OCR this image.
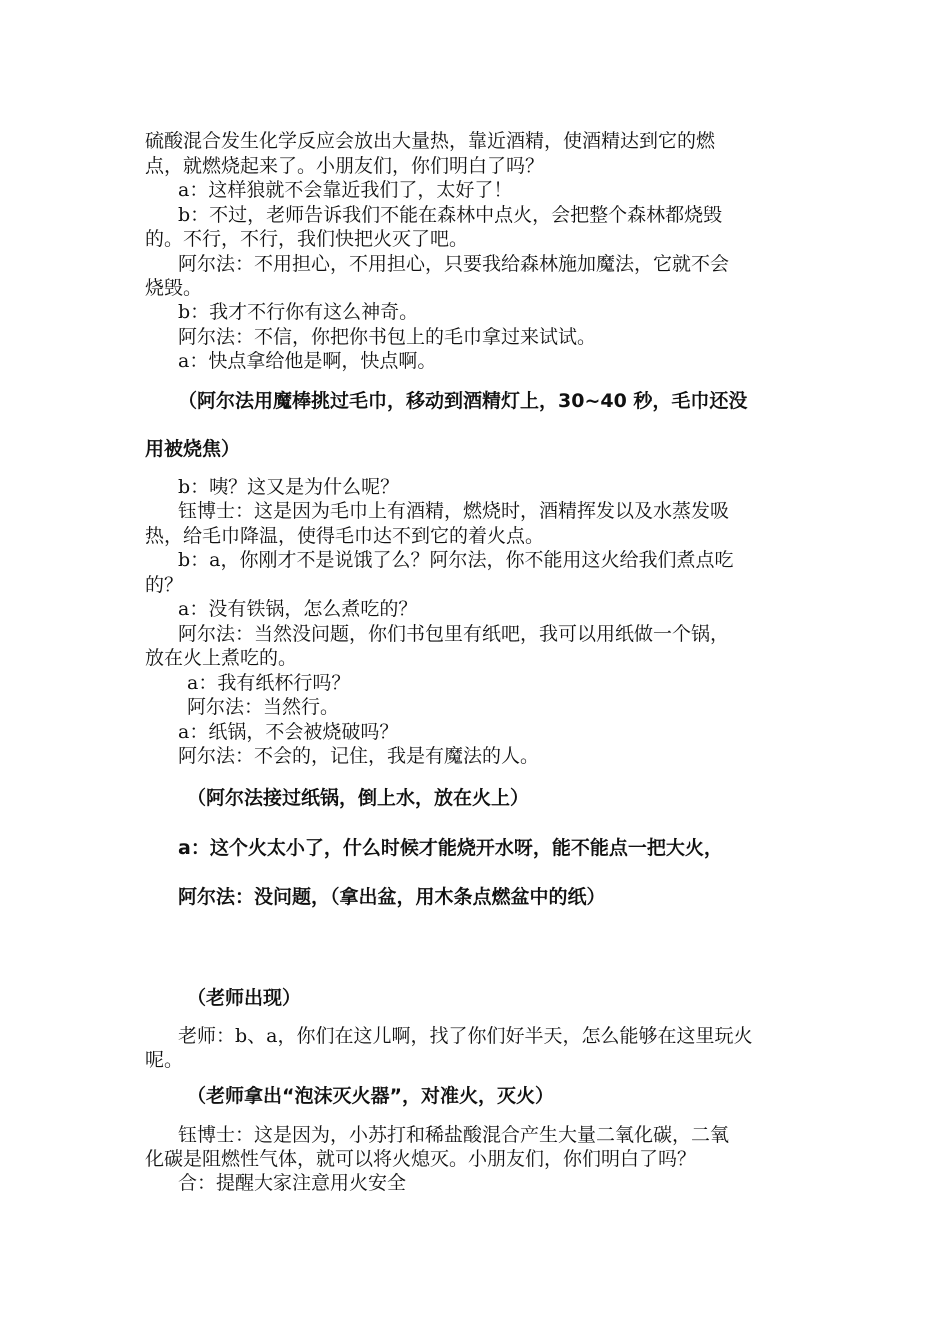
硫酸混合发生化学反应会放出大量热，靠近酒精，使酒精达到它的燃
点，就燃烧起来了。小朋友们，你们明白了吗？
a：这样狼就不会靠近我们了，太好了！
b：不过，老师告诉我们不能在森林中点火，会把整个森林都烧毁
的。不行，不行，我们快把火灭了吧。
阿尔法：不用担心，不用担心，只要我给森林施加魔法，它就不会
烧毁。
b：我才不行你有这么神奇。
阿尔法：不信，你把你书包上的毛巾拿过来试试。
a：快点拿给他是啊，快点啊。
（阿尔法用魔棒挑过毛巾，移动到酒精灯上，30~40 秒，毛巾还没
用被烧焦）
b：咦？这又是为什么呢？
钰博士：这是因为毛巾上有酒精，燃烧时，酒精挥发以及水蒸发吸
热，给毛巾降温，使得毛巾达不到它的着火点。
b：a，你刚才不是说饿了么？阿尔法，你不能用这火给我们煮点吃
的？
a：没有铁锅，怎么煮吃的？
阿尔法：当然没问题，你们书包里有纸吧，我可以用纸做一个锅，
放在火上煮吃的。
a：我有纸杯行吗？
阿尔法：当然行。
a：纸锅，不会被烧破吗？
阿尔法：不会的，记住，我是有魔法的人。
（阿尔法接过纸锅，倒上水，放在火上）
a：这个火太小了，什么时候才能烧开水呀，能不能点一把大火，
阿尔法：没问题，（拿出盆，用木条点燃盆中的纸）
（老师出现）
老师：b、a，你们在这儿啊，找了你们好半天，怎么能够在这里玩火
呢。
（老师拿出“泡沫灭火器”，对准火，灭火）
钰博士：这是因为，小苏打和稀盐酸混合产生大量二氧化碳，二氧
化碳是阻燃性气体，就可以将火熄灭。小朋友们，你们明白了吗？
合：提醒大家注意用火安全
